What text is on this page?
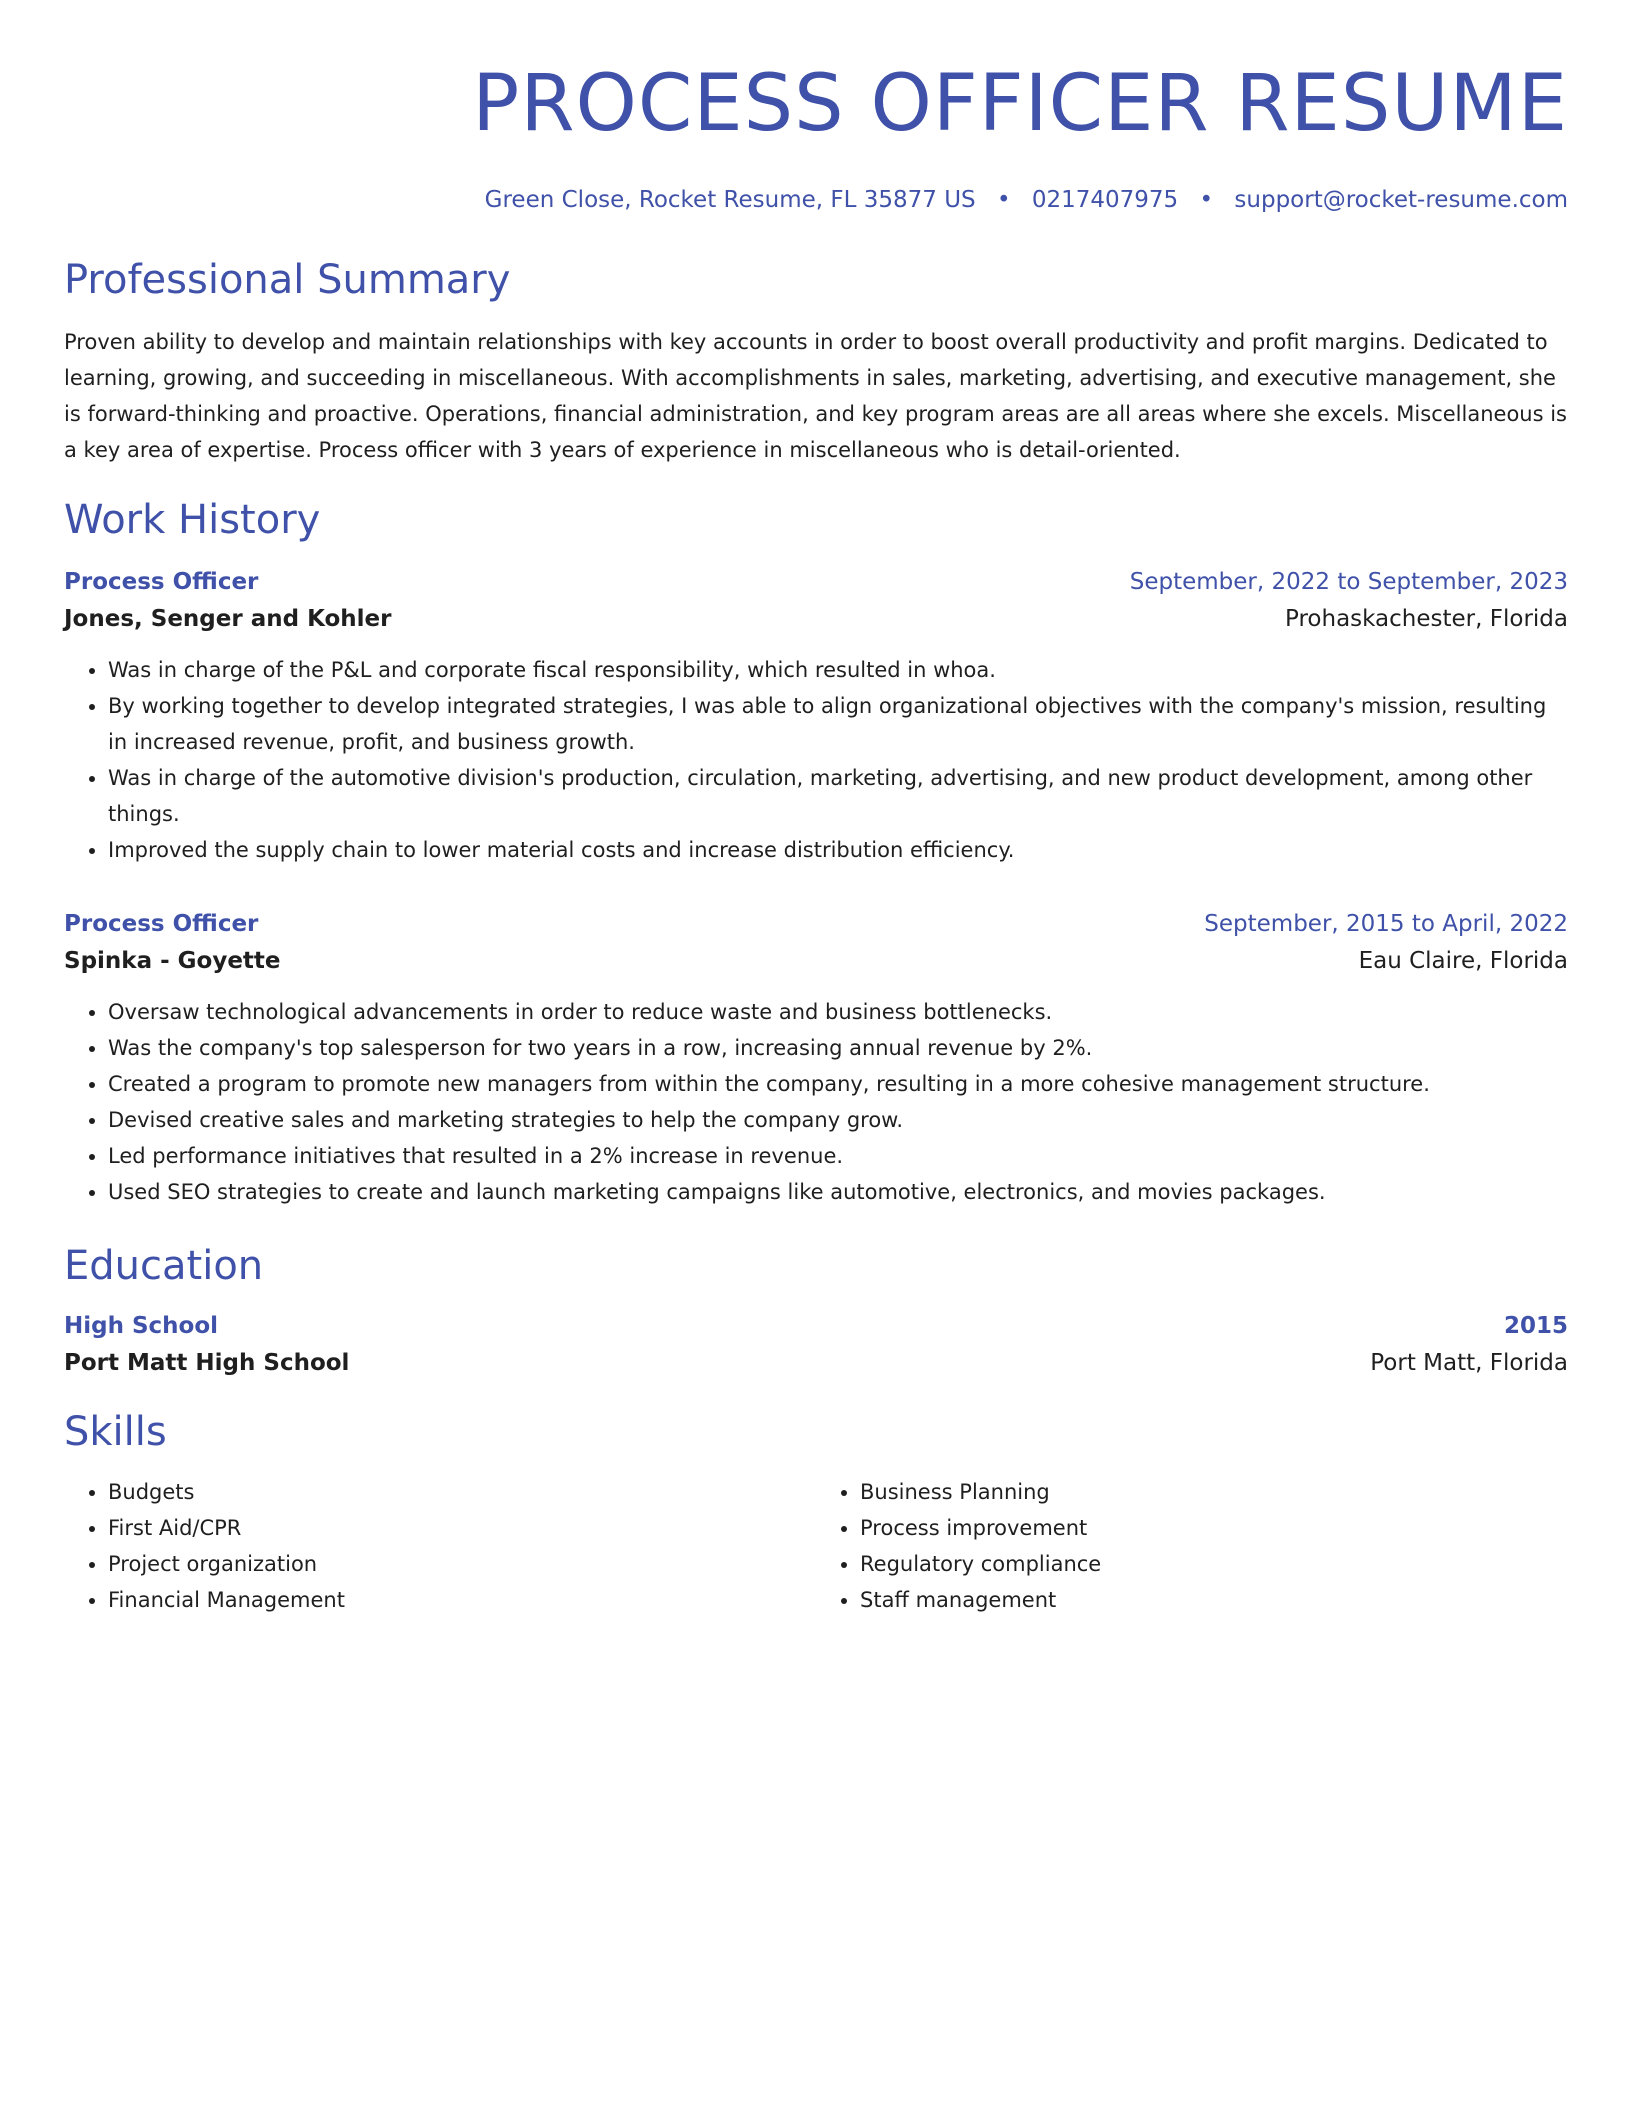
PROCESS OFFICER RESUME
Green Close, Rocket Resume, FL 35877 US • 0217407975 • support@rocket-resume.com
Professional Summary

Proven ability to develop and maintain relationships with key accounts in order to boost overall productivity and profit margins. Dedicated to learning, growing, and succeeding in miscellaneous. With accomplishments in sales, marketing, advertising, and executive management, she is forward-thinking and proactive. Operations, financial administration, and key program areas are all areas where she excels. Miscellaneous is a key area of expertise. Process officer with 3 years of experience in miscellaneous who is detail-oriented.

Work History
Process Officer	September, 2022 to September, 2023
Jones, Senger and Kohler	Prohaskachester, Florida
• Was in charge of the P&L and corporate fiscal responsibility, which resulted in whoa.
• By working together to develop integrated strategies, I was able to align organizational objectives with the company's mission, resulting in increased revenue, profit, and business growth.
• Was in charge of the automotive division's production, circulation, marketing, advertising, and new product development, among other things.
• Improved the supply chain to lower material costs and increase distribution efficiency.
Process Officer	September, 2015 to April, 2022
Spinka - Goyette	Eau Claire, Florida
• Oversaw technological advancements in order to reduce waste and business bottlenecks.
• Was the company's top salesperson for two years in a row, increasing annual revenue by 2%.
• Created a program to promote new managers from within the company, resulting in a more cohesive management structure.
• Devised creative sales and marketing strategies to help the company grow.
• Led performance initiatives that resulted in a 2% increase in revenue.
• Used SEO strategies to create and launch marketing campaigns like automotive, electronics, and movies packages.
Education
High School	2015
Port Matt High School	Port Matt, Florida
Skills
• Budgets
• First Aid/CPR
• Project organization
• Financial Management
• Business Planning
• Process improvement
• Regulatory compliance
• Staff management
